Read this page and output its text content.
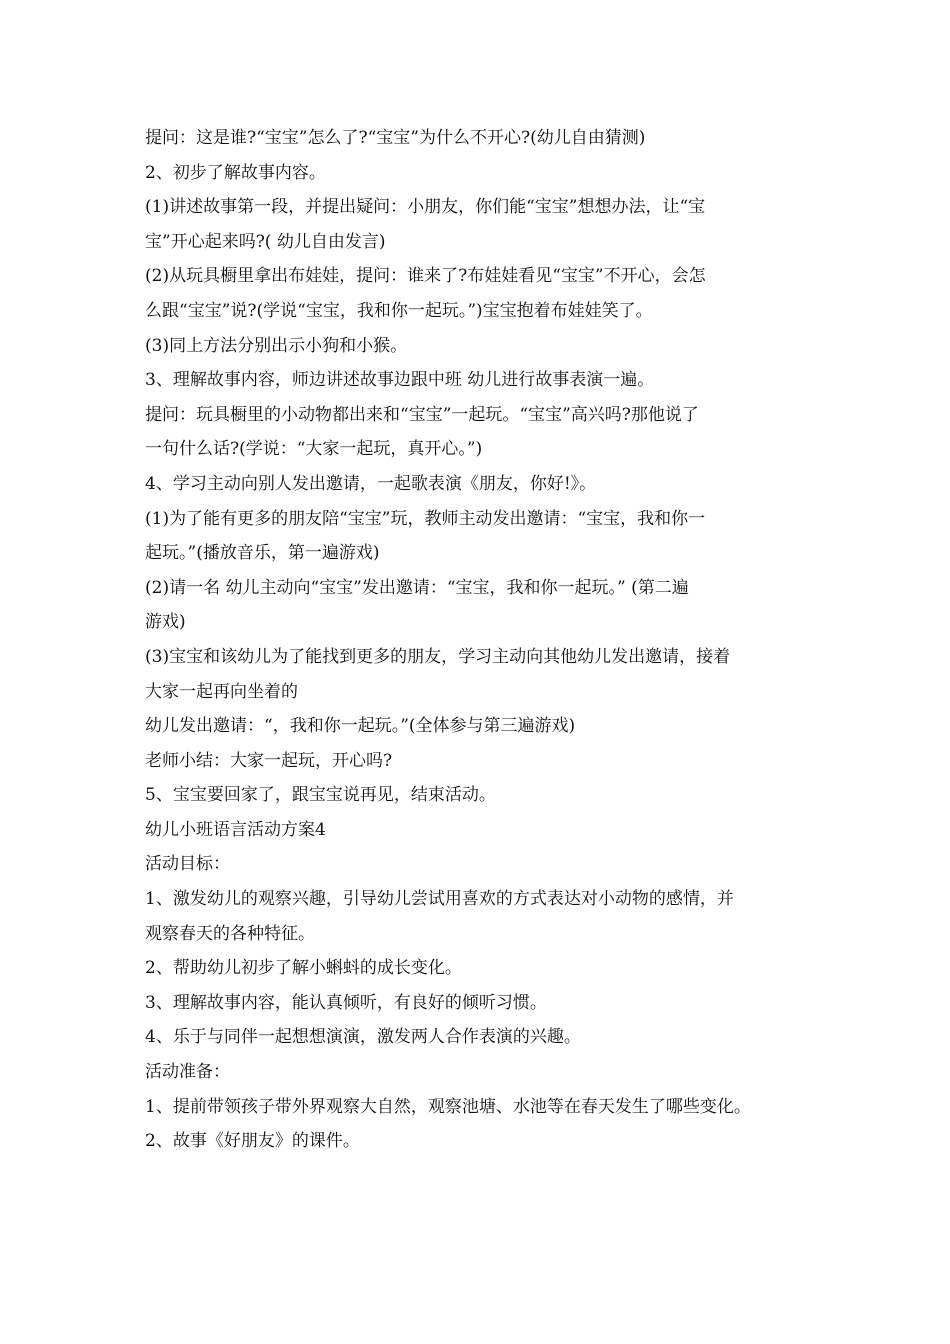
提问：这是谁?“宝宝”怎么了?“宝宝”为什么不开心?(幼儿自由猜测)
2、初步了解故事内容。
(1)讲述故事第一段，并提出疑问：小朋友，你们能“宝宝”想想办法，让“宝
宝”开心起来吗?( 幼儿自由发言)
(2)从玩具橱里拿出布娃娃，提问：谁来了?布娃娃看见“宝宝”不开心，会怎
么跟“宝宝”说?(学说“宝宝，我和你一起玩。”)宝宝抱着布娃娃笑了。
(3)同上方法分别出示小狗和小猴。
3、理解故事内容，师边讲述故事边跟中班 幼儿进行故事表演一遍。
提问：玩具橱里的小动物都出来和“宝宝”一起玩。“宝宝”高兴吗?那他说了
一句什么话?(学说：“大家一起玩，真开心。”)
4、学习主动向别人发出邀请，一起歌表演《朋友，你好!》。
(1)为了能有更多的朋友陪“宝宝”玩，教师主动发出邀请：“宝宝，我和你一
起玩。”(播放音乐，第一遍游戏)
(2)请一名 幼儿主动向“宝宝”发出邀请：“宝宝，我和你一起玩。” (第二遍
游戏)
(3)宝宝和该幼儿为了能找到更多的朋友，学习主动向其他幼儿发出邀请，接着
大家一起再向坐着的
幼儿发出邀请：“，我和你一起玩。”(全体参与第三遍游戏)
老师小结：大家一起玩，开心吗?
5、宝宝要回家了，跟宝宝说再见，结束活动。
幼儿小班语言活动方案4
活动目标：
1、激发幼儿的观察兴趣，引导幼儿尝试用喜欢的方式表达对小动物的感情，并
观察春天的各种特征。
2、帮助幼儿初步了解小蝌蚪的成长变化。
3、理解故事内容，能认真倾听，有良好的倾听习惯。
4、乐于与同伴一起想想演演，激发两人合作表演的兴趣。
活动准备：
1、提前带领孩子带外界观察大自然，观察池塘、水池等在春天发生了哪些变化。
2、故事《好朋友》的课件。
